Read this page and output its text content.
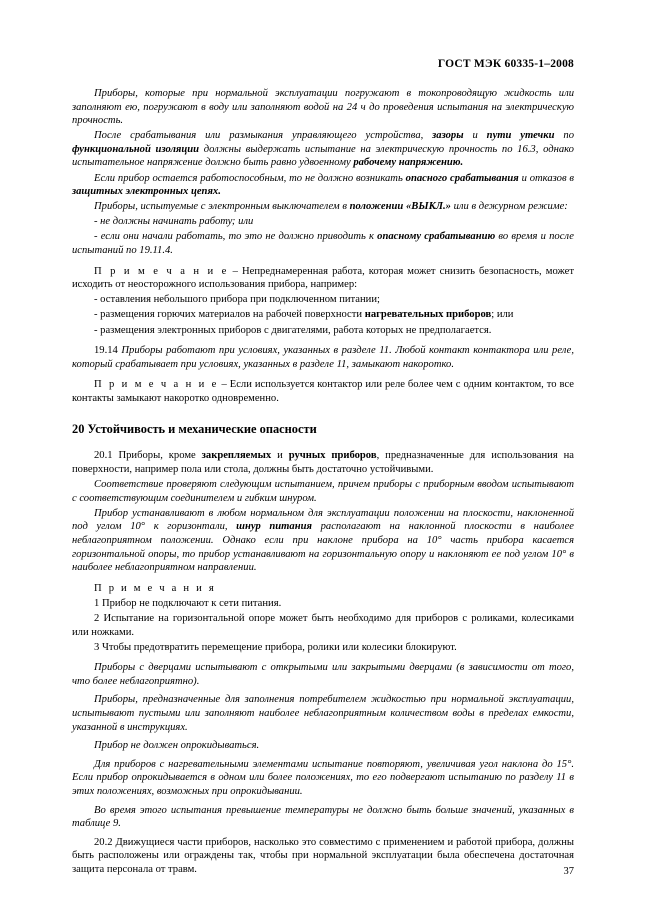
ГОСТ МЭК 60335-1–2008

Приборы, которые при нормальной эксплуатации погружают в токопроводящую жидкость или заполняют ею, погружают в воду или заполняют водой на 24 ч до проведения испытания на электрическую прочность.

После срабатывания или размыкания управляющего устройства, зазоры и пути утечки по функциональной изоляции должны выдержать испытание на электрическую прочность по 16.3, однако испытательное напряжение должно быть равно удвоенному рабочему напряжению.

Если прибор остается работоспособным, то не должно возникать опасного срабатывания и отказов в защитных электронных цепях.

Приборы, испытуемые с электронным выключателем в положении «ВЫКЛ.» или в дежурном режиме:

- не должны начинать работу; или

- если они начали работать, то это не должно приводить к опасному срабатыванию во время и после испытаний по 19.11.4.

П р и м е ч а н и е – Непреднамеренная работа, которая может снизить безопасность, может исходить от неосторожного использования прибора, например:

- оставления небольшого прибора при подключенном питании;

- размещения горючих материалов на рабочей поверхности нагревательных приборов; или

- размещения электронных приборов с двигателями, работа которых не предполагается.

19.14 Приборы работают при условиях, указанных в разделе 11. Любой контакт контактора или реле, который срабатывает при условиях, указанных в разделе 11, замыкают накоротко.

П р и м е ч а н и е – Если используется контактор или реле более чем с одним контактом, то все контакты замыкают накоротко одновременно.

20 Устойчивость и механические опасности

20.1 Приборы, кроме закрепляемых и ручных приборов, предназначенные для использования на поверхности, например пола или стола, должны быть достаточно устойчивыми.

Соответствие проверяют следующим испытанием, причем приборы с приборным вводом испытывают с соответствующим соединителем и гибким шнуром.

Прибор устанавливают в любом нормальном для эксплуатации положении на плоскости, наклоненной под углом 10° к горизонтали, шнур питания располагают на наклонной плоскости в наиболее неблагоприятном положении. Однако если при наклоне прибора на 10° часть прибора касается горизонтальной опоры, то прибор устанавливают на горизонтальную опору и наклоняют ее под углом 10° в наиболее неблагоприятном направлении.

П р и м е ч а н и я

1 Прибор не подключают к сети питания.

2 Испытание на горизонтальной опоре может быть необходимо для приборов с роликами, колесиками или ножками.

3 Чтобы предотвратить перемещение прибора, ролики или колесики блокируют.

Приборы с дверцами испытывают с открытыми или закрытыми дверцами (в зависимости от того, что более неблагоприятно).

Приборы, предназначенные для заполнения потребителем жидкостью при нормальной эксплуатации, испытывают пустыми или заполняют наиболее неблагоприятным количеством воды в пределах емкости, указанной в инструкциях.

Прибор не должен опрокидываться.

Для приборов с нагревательными элементами испытание повторяют, увеличивая угол наклона до 15°. Если прибор опрокидывается в одном или более положениях, то его подвергают испытанию по разделу 11 в этих положениях, возможных при опрокидывании.

Во время этого испытания превышение температуры не должно быть больше значений, указанных в таблице 9.

20.2 Движущиеся части приборов, насколько это совместимо с применением и работой прибора, должны быть расположены или ограждены так, чтобы при нормальной эксплуатации была обеспечена достаточная защита персонала от травм.	37
